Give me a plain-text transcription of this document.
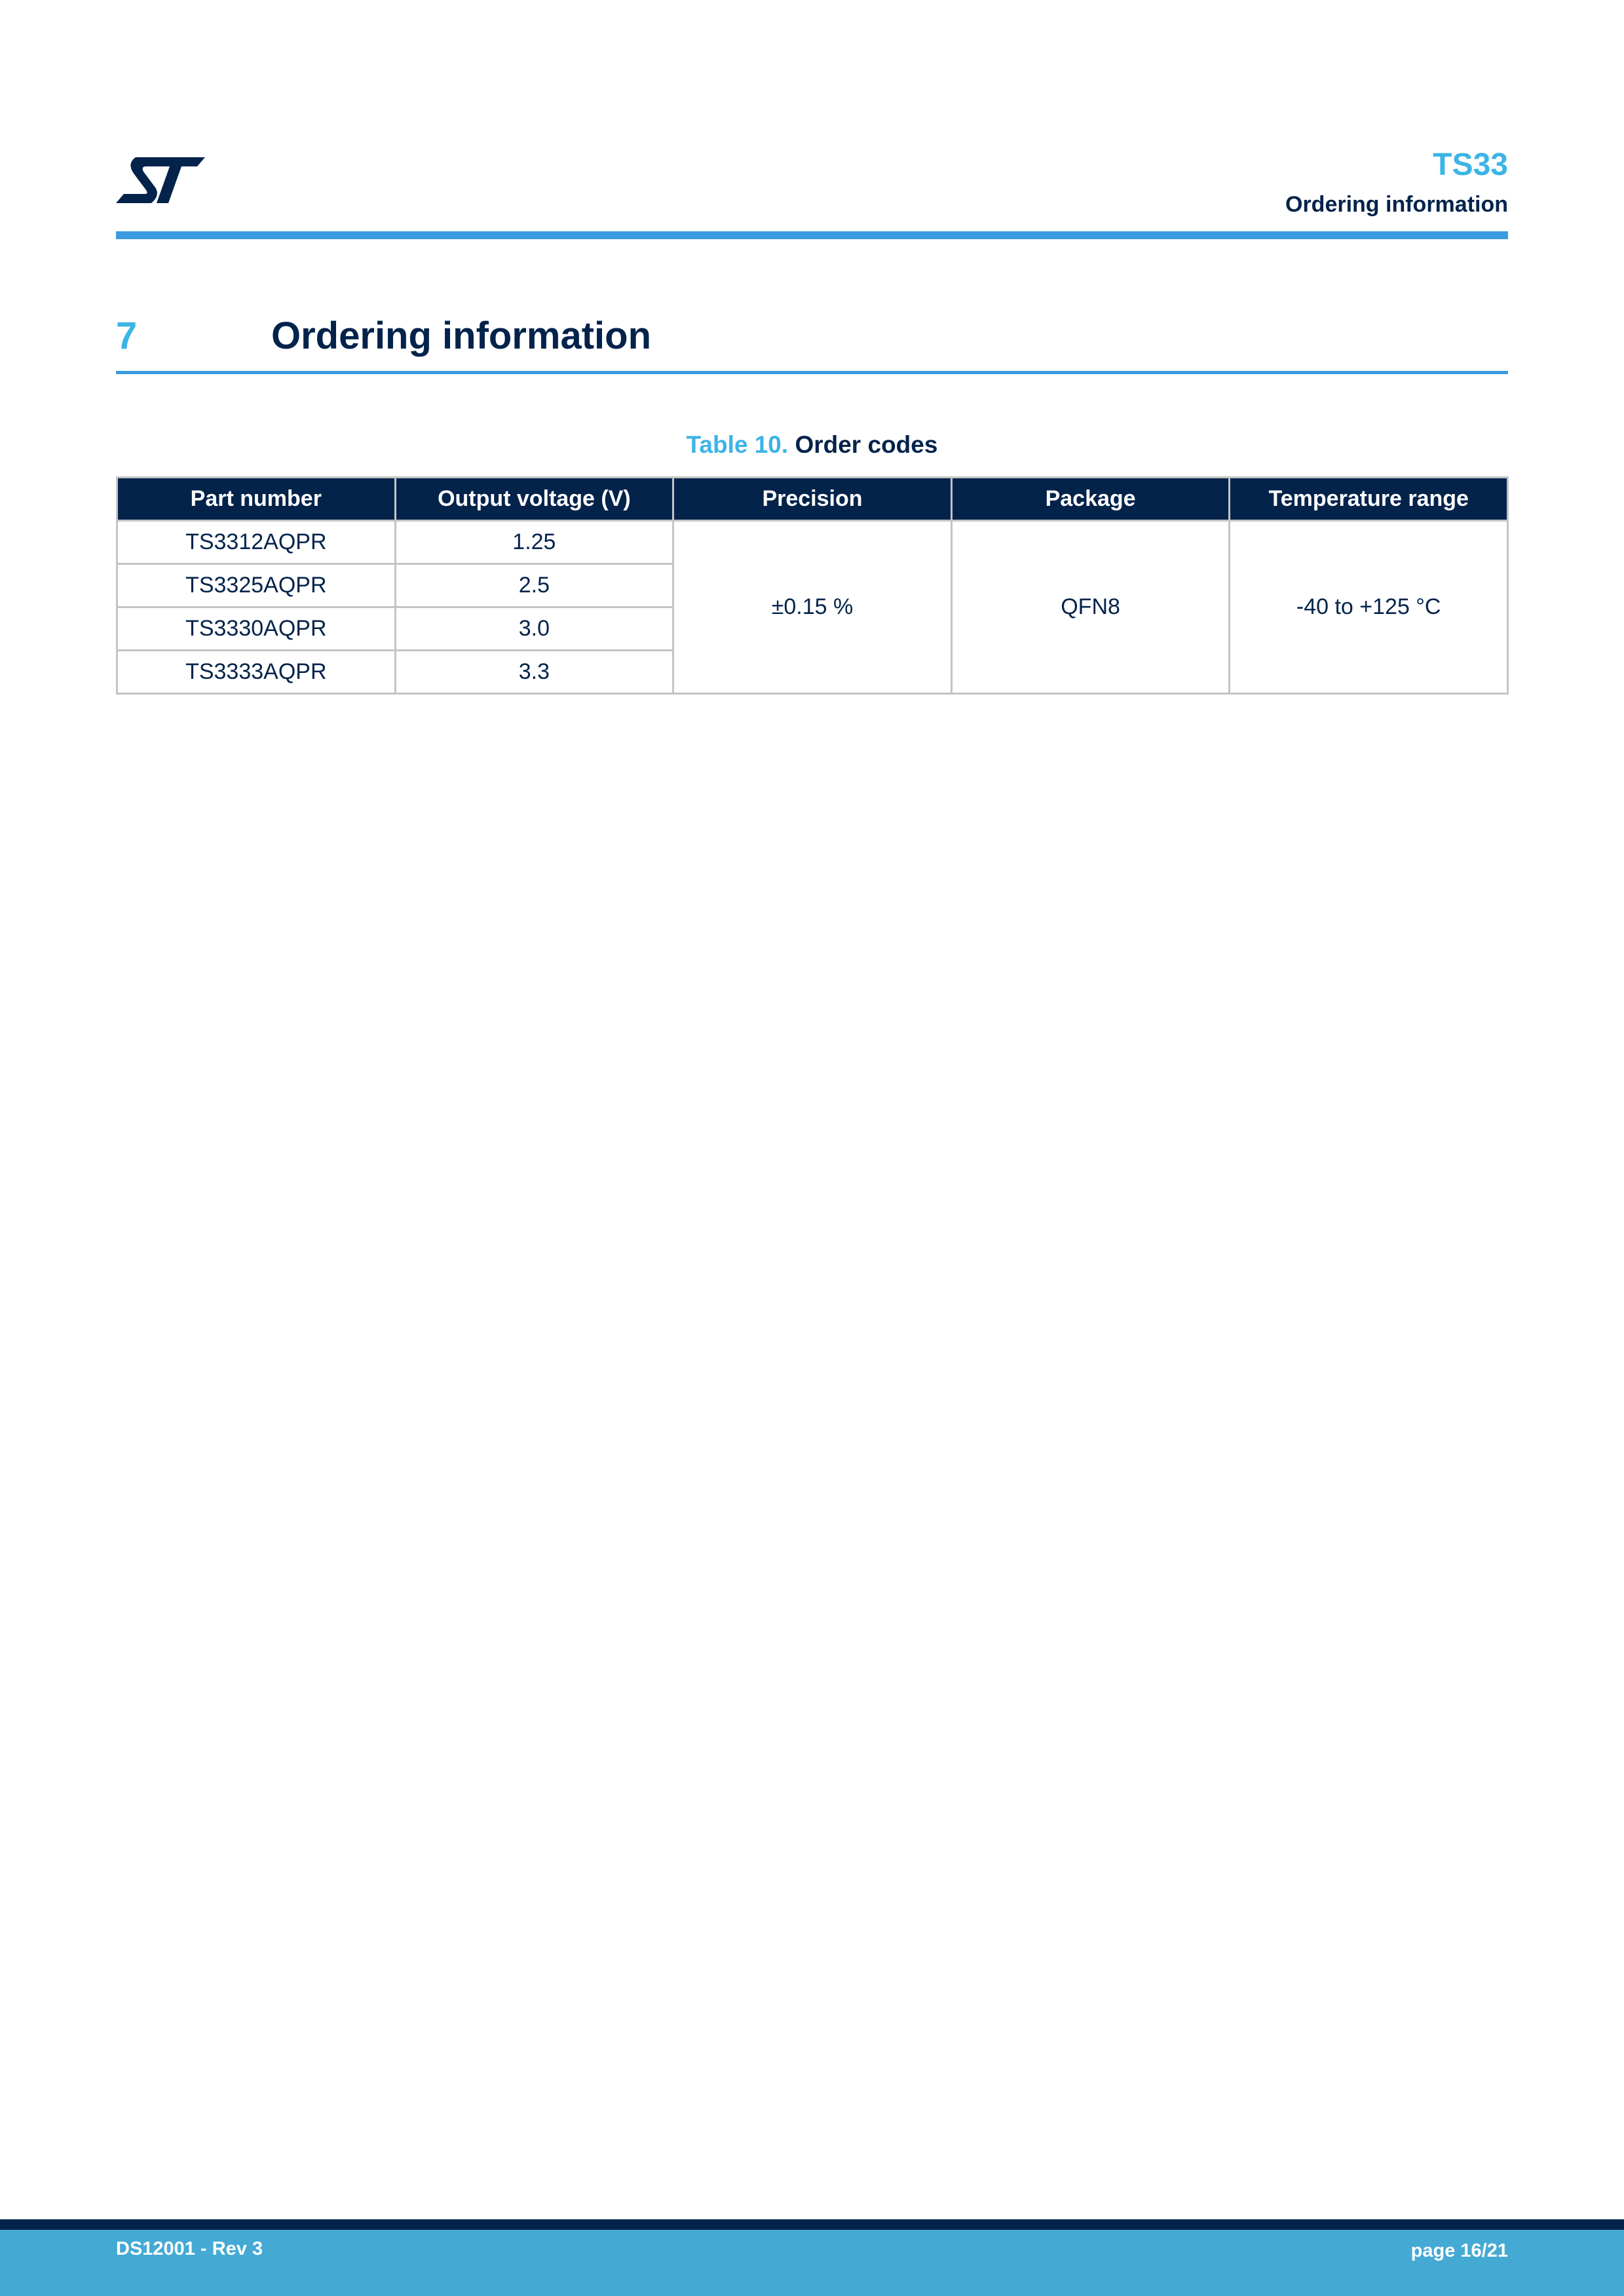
TS33
Ordering information
7	Ordering information
Table 10. Order codes
Part number	Output voltage (V)	Precision	Package	Temperature range
TS3312AQPR	1.25	±0.15 %	QFN8	-40 to +125 °C
TS3325AQPR	2.5			
TS3330AQPR	3.0			
TS3333AQPR	3.3			
DS12001 - Rev 3	page 16/21
